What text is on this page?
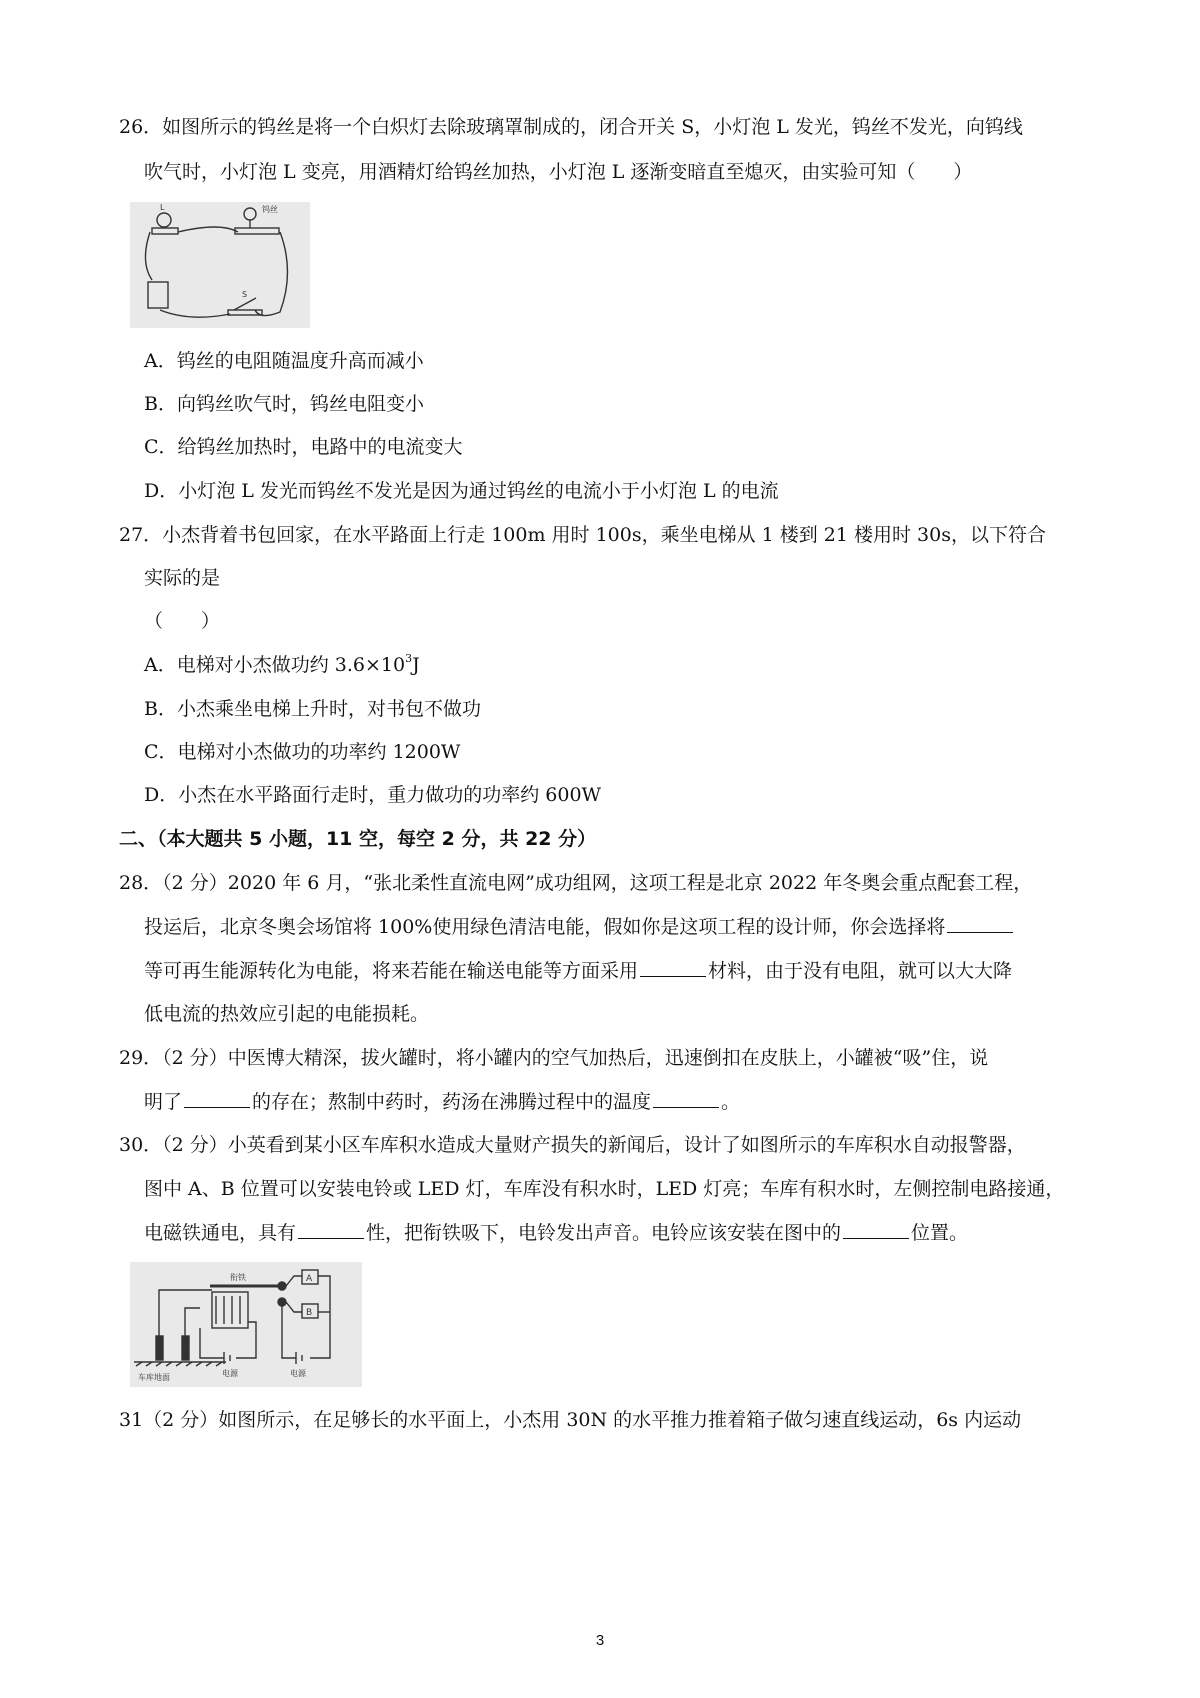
26．如图所示的钨丝是将一个白炽灯去除玻璃罩制成的，闭合开关 S，小灯泡 L 发光，钨丝不发光，向钨线
吹气时，小灯泡 L 变亮，用酒精灯给钨丝加热，小灯泡 L 逐渐变暗直至熄灭，由实验可知（　　）
L	钨丝
S
A．钨丝的电阻随温度升高而减小
B．向钨丝吹气时，钨丝电阻变小
C．给钨丝加热时，电路中的电流变大
D．小灯泡 L 发光而钨丝不发光是因为通过钨丝的电流小于小灯泡 L 的电流
27．小杰背着书包回家，在水平路面上行走 100m 用时 100s，乘坐电梯从 1 楼到 21 楼用时 30s，以下符合
实际的是
（　　）
A．电梯对小杰做功约 $3.6\times 10^3J$
B．小杰乘坐电梯上升时，对书包不做功
C．电梯对小杰做功的功率约 1200W
D．小杰在水平路面行走时，重力做功的功率约 600W
二、（本大题共 5 小题，11 空，每空 2 分，共 22 分）
28．（2 分）2020 年 6 月，“张北柔性直流电网”成功组网，这项工程是北京 2022 年冬奥会重点配套工程，
投运后，北京冬奥会场馆将 100%使用绿色清洁电能，假如你是这项工程的设计师，你会选择将
等可再生能源转化为电能，将来若能在输送电能等方面采用	材料，由于没有电阻，就可以大大降
低电流的热效应引起的电能损耗。
29．（2 分）中医博大精深，拔火罐时，将小罐内的空气加热后，迅速倒扣在皮肤上，小罐被“吸”住，说
明了	的存在；熬制中药时，药汤在沸腾过程中的温度	。
30．（2 分）小英看到某小区车库积水造成大量财产损失的新闻后，设计了如图所示的车库积水自动报警器，
图中 A、B 位置可以安装电铃或 LED 灯，车库没有积水时，LED 灯亮；车库有积水时，左侧控制电路接通，
电磁铁通电，具有	性，把衔铁吸下，电铃发出声音。电铃应该安装在图中的	位置。
A
B
衔铁
电源	电源
车库地面
31（2 分）如图所示，在足够长的水平面上，小杰用 30N 的水平推力推着箱子做匀速直线运动，6s 内运动
3
